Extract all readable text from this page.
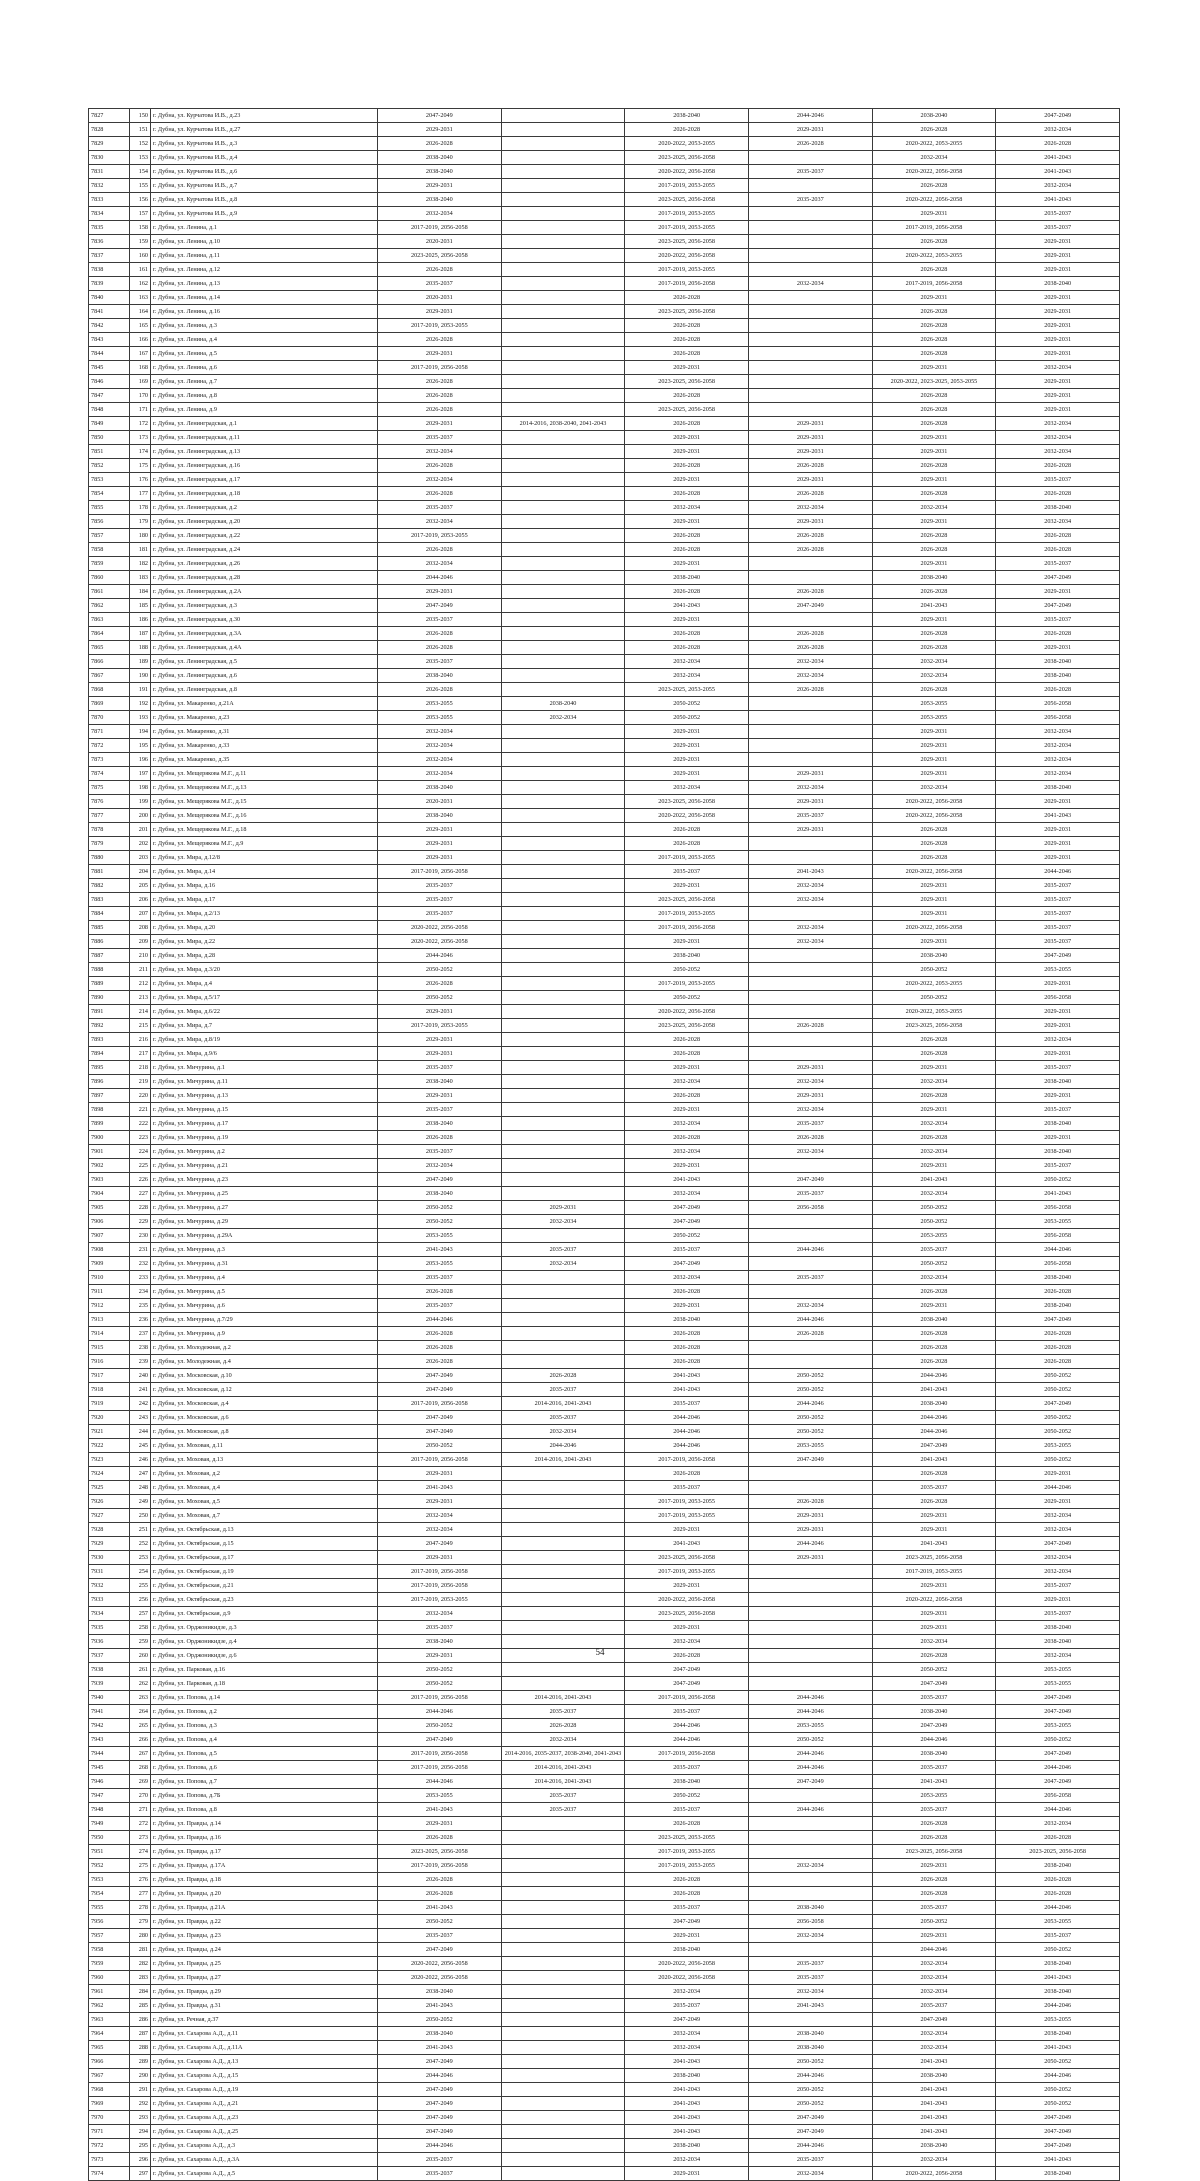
7827	150	г. Дубна, ул. Курчатова И.В., д.23	2047-2049		2038-2040	2044-2046	2038-2040	2047-2049
7828	151	г. Дубна, ул. Курчатова И.В., д.27	2029-2031		2026-2028	2029-2031	2026-2028	2032-2034
7829	152	г. Дубна, ул. Курчатова И.В., д.3	2026-2028		2020-2022, 2053-2055	2026-2028	2020-2022, 2053-2055	2026-2028
7830	153	г. Дубна, ул. Курчатова И.В., д.4	2038-2040		2023-2025, 2056-2058		2032-2034	2041-2043
7831	154	г. Дубна, ул. Курчатова И.В., д.6	2038-2040		2020-2022, 2056-2058	2035-2037	2020-2022, 2056-2058	2041-2043
7832	155	г. Дубна, ул. Курчатова И.В., д.7	2029-2031		2017-2019, 2053-2055		2026-2028	2032-2034
7833	156	г. Дубна, ул. Курчатова И.В., д.8	2038-2040		2023-2025, 2056-2058	2035-2037	2020-2022, 2056-2058	2041-2043
7834	157	г. Дубна, ул. Курчатова И.В., д.9	2032-2034		2017-2019, 2053-2055		2029-2031	2035-2037
7835	158	г. Дубна, ул. Ленина, д.1	2017-2019, 2056-2058		2017-2019, 2053-2055		2017-2019, 2056-2058	2035-2037
7836	159	г. Дубна, ул. Ленина, д.10	2020-2031		2023-2025, 2056-2058		2026-2028	2029-2031
7837	160	г. Дубна, ул. Ленина, д.11	2023-2025, 2056-2058		2020-2022, 2056-2058		2020-2022, 2053-2055	2029-2031
7838	161	г. Дубна, ул. Ленина, д.12	2026-2028		2017-2019, 2053-2055		2026-2028	2029-2031
7839	162	г. Дубна, ул. Ленина, д.13	2035-2037		2017-2019, 2056-2058	2032-2034	2017-2019, 2056-2058	2038-2040
7840	163	г. Дубна, ул. Ленина, д.14	2020-2031		2026-2028		2029-2031	2029-2031
7841	164	г. Дубна, ул. Ленина, д.16	2029-2031		2023-2025, 2056-2058		2026-2028	2029-2031
7842	165	г. Дубна, ул. Ленина, д.3	2017-2019, 2053-2055		2026-2028		2026-2028	2029-2031
7843	166	г. Дубна, ул. Ленина, д.4	2026-2028		2026-2028		2026-2028	2029-2031
7844	167	г. Дубна, ул. Ленина, д.5	2029-2031		2026-2028		2026-2028	2029-2031
7845	168	г. Дубна, ул. Ленина, д.6	2017-2019, 2056-2058		2029-2031		2029-2031	2032-2034
7846	169	г. Дубна, ул. Ленина, д.7	2026-2028		2023-2025, 2056-2058		2020-2022, 2023-2025, 2053-2055	2029-2031
7847	170	г. Дубна, ул. Ленина, д.8	2026-2028		2026-2028		2026-2028	2029-2031
7848	171	г. Дубна, ул. Ленина, д.9	2026-2028		2023-2025, 2056-2058		2026-2028	2029-2031
7849	172	г. Дубна, ул. Ленинградская, д.1	2029-2031	2014-2016, 2038-2040, 2041-2043	2026-2028	2029-2031	2026-2028	2032-2034
7850	173	г. Дубна, ул. Ленинградская, д.11	2035-2037		2029-2031	2029-2031	2029-2031	2032-2034
7851	174	г. Дубна, ул. Ленинградская, д.13	2032-2034		2029-2031	2029-2031	2029-2031	2032-2034
7852	175	г. Дубна, ул. Ленинградская, д.16	2026-2028		2026-2028	2026-2028	2026-2028	2026-2028
7853	176	г. Дубна, ул. Ленинградская, д.17	2032-2034		2029-2031	2029-2031	2029-2031	2035-2037
7854	177	г. Дубна, ул. Ленинградская, д.18	2026-2028		2026-2028	2026-2028	2026-2028	2026-2028
7855	178	г. Дубна, ул. Ленинградская, д.2	2035-2037		2032-2034	2032-2034	2032-2034	2038-2040
7856	179	г. Дубна, ул. Ленинградская, д.20	2032-2034		2029-2031	2029-2031	2029-2031	2032-2034
7857	180	г. Дубна, ул. Ленинградская, д.22	2017-2019, 2053-2055		2026-2028	2026-2028	2026-2028	2026-2028
7858	181	г. Дубна, ул. Ленинградская, д.24	2026-2028		2026-2028	2026-2028	2026-2028	2026-2028
7859	182	г. Дубна, ул. Ленинградская, д.26	2032-2034		2029-2031		2029-2031	2035-2037
7860	183	г. Дубна, ул. Ленинградская, д.28	2044-2046		2038-2040		2038-2040	2047-2049
7861	184	г. Дубна, ул. Ленинградская, д.2А	2029-2031		2026-2028	2026-2028	2026-2028	2029-2031
7862	185	г. Дубна, ул. Ленинградская, д.3	2047-2049		2041-2043	2047-2049	2041-2043	2047-2049
7863	186	г. Дубна, ул. Ленинградская, д.30	2035-2037		2029-2031		2029-2031	2035-2037
7864	187	г. Дубна, ул. Ленинградская, д.3А	2026-2028		2026-2028	2026-2028	2026-2028	2026-2028
7865	188	г. Дубна, ул. Ленинградская, д.4А	2026-2028		2026-2028	2026-2028	2026-2028	2029-2031
7866	189	г. Дубна, ул. Ленинградская, д.5	2035-2037		2032-2034	2032-2034	2032-2034	2038-2040
7867	190	г. Дубна, ул. Ленинградская, д.6	2038-2040		2032-2034	2032-2034	2032-2034	2038-2040
7868	191	г. Дубна, ул. Ленинградская, д.8	2026-2028		2023-2025, 2053-2055	2026-2028	2026-2028	2026-2028
7869	192	г. Дубна, ул. Макаренко, д.21А	2053-2055	2038-2040	2050-2052		2053-2055	2056-2058
7870	193	г. Дубна, ул. Макаренко, д.23	2053-2055	2032-2034	2050-2052		2053-2055	2056-2058
7871	194	г. Дубна, ул. Макаренко, д.31	2032-2034		2029-2031		2029-2031	2032-2034
7872	195	г. Дубна, ул. Макаренко, д.33	2032-2034		2029-2031		2029-2031	2032-2034
7873	196	г. Дубна, ул. Макаренко, д.35	2032-2034		2029-2031		2029-2031	2032-2034
7874	197	г. Дубна, ул. Мещерякова М.Г., д.11	2032-2034		2029-2031	2029-2031	2029-2031	2032-2034
7875	198	г. Дубна, ул. Мещерякова М.Г., д.13	2038-2040		2032-2034	2032-2034	2032-2034	2038-2040
7876	199	г. Дубна, ул. Мещерякова М.Г., д.15	2020-2031		2023-2025, 2056-2058	2029-2031	2020-2022, 2056-2058	2029-2031
7877	200	г. Дубна, ул. Мещерякова М.Г., д.16	2038-2040		2020-2022, 2056-2058	2035-2037	2020-2022, 2056-2058	2041-2043
7878	201	г. Дубна, ул. Мещерякова М.Г., д.18	2029-2031		2026-2028	2029-2031	2026-2028	2029-2031
7879	202	г. Дубна, ул. Мещерякова М.Г., д.9	2029-2031		2026-2028		2026-2028	2029-2031
7880	203	г. Дубна, ул. Мира, д.12/8	2029-2031		2017-2019, 2053-2055		2026-2028	2029-2031
7881	204	г. Дубна, ул. Мира, д.14	2017-2019, 2056-2058		2035-2037	2041-2043	2020-2022, 2056-2058	2044-2046
7882	205	г. Дубна, ул. Мира, д.16	2035-2037		2029-2031	2032-2034	2029-2031	2035-2037
7883	206	г. Дубна, ул. Мира, д.17	2035-2037		2023-2025, 2056-2058	2032-2034	2029-2031	2035-2037
7884	207	г. Дубна, ул. Мира, д.2/13	2035-2037		2017-2019, 2053-2055		2029-2031	2035-2037
7885	208	г. Дубна, ул. Мира, д.20	2020-2022, 2056-2058		2017-2019, 2056-2058	2032-2034	2020-2022, 2056-2058	2035-2037
7886	209	г. Дубна, ул. Мира, д.22	2020-2022, 2056-2058		2029-2031	2032-2034	2029-2031	2035-2037
7887	210	г. Дубна, ул. Мира, д.28	2044-2046		2038-2040		2038-2040	2047-2049
7888	211	г. Дубна, ул. Мира, д.3/20	2050-2052		2050-2052		2050-2052	2053-2055
7889	212	г. Дубна, ул. Мира, д.4	2026-2028		2017-2019, 2053-2055		2020-2022, 2053-2055	2029-2031
7890	213	г. Дубна, ул. Мира, д.5/17	2050-2052		2050-2052		2050-2052	2056-2058
7891	214	г. Дубна, ул. Мира, д.6/22	2029-2031		2020-2022, 2056-2058		2020-2022, 2053-2055	2029-2031
7892	215	г. Дубна, ул. Мира, д.7	2017-2019, 2053-2055		2023-2025, 2056-2058	2026-2028	2023-2025, 2056-2058	2029-2031
7893	216	г. Дубна, ул. Мира, д.8/19	2029-2031		2026-2028		2026-2028	2032-2034
7894	217	г. Дубна, ул. Мира, д.9/6	2029-2031		2026-2028		2026-2028	2029-2031
7895	218	г. Дубна, ул. Мичурина, д.1	2035-2037		2029-2031	2029-2031	2029-2031	2035-2037
7896	219	г. Дубна, ул. Мичурина, д.11	2038-2040		2032-2034	2032-2034	2032-2034	2038-2040
7897	220	г. Дубна, ул. Мичурина, д.13	2029-2031		2026-2028	2029-2031	2026-2028	2029-2031
7898	221	г. Дубна, ул. Мичурина, д.15	2035-2037		2029-2031	2032-2034	2029-2031	2035-2037
7899	222	г. Дубна, ул. Мичурина, д.17	2038-2040		2032-2034	2035-2037	2032-2034	2038-2040
7900	223	г. Дубна, ул. Мичурина, д.19	2026-2028		2026-2028	2026-2028	2026-2028	2029-2031
7901	224	г. Дубна, ул. Мичурина, д.2	2035-2037		2032-2034	2032-2034	2032-2034	2038-2040
7902	225	г. Дубна, ул. Мичурина, д.21	2032-2034		2029-2031		2029-2031	2035-2037
7903	226	г. Дубна, ул. Мичурина, д.23	2047-2049		2041-2043	2047-2049	2041-2043	2050-2052
7904	227	г. Дубна, ул. Мичурина, д.25	2038-2040		2032-2034	2035-2037	2032-2034	2041-2043
7905	228	г. Дубна, ул. Мичурина, д.27	2050-2052	2029-2031	2047-2049	2056-2058	2050-2052	2056-2058
7906	229	г. Дубна, ул. Мичурина, д.29	2050-2052	2032-2034	2047-2049		2050-2052	2053-2055
7907	230	г. Дубна, ул. Мичурина, д.29А	2053-2055		2050-2052		2053-2055	2056-2058
7908	231	г. Дубна, ул. Мичурина, д.3	2041-2043	2035-2037	2035-2037	2044-2046	2035-2037	2044-2046
7909	232	г. Дубна, ул. Мичурина, д.31	2053-2055	2032-2034	2047-2049		2050-2052	2056-2058
7910	233	г. Дубна, ул. Мичурина, д.4	2035-2037		2032-2034	2035-2037	2032-2034	2038-2040
7911	234	г. Дубна, ул. Мичурина, д.5	2026-2028		2026-2028		2026-2028	2026-2028
7912	235	г. Дубна, ул. Мичурина, д.6	2035-2037		2029-2031	2032-2034	2029-2031	2038-2040
7913	236	г. Дубна, ул. Мичурина, д.7/29	2044-2046		2038-2040	2044-2046	2038-2040	2047-2049
7914	237	г. Дубна, ул. Мичурина, д.9	2026-2028		2026-2028	2026-2028	2026-2028	2026-2028
7915	238	г. Дубна, ул. Молодежная, д.2	2026-2028		2026-2028		2026-2028	2026-2028
7916	239	г. Дубна, ул. Молодежная, д.4	2026-2028		2026-2028		2026-2028	2026-2028
7917	240	г. Дубна, ул. Московская, д.10	2047-2049	2026-2028	2041-2043	2050-2052	2044-2046	2050-2052
7918	241	г. Дубна, ул. Московская, д.12	2047-2049	2035-2037	2041-2043	2050-2052	2041-2043	2050-2052
7919	242	г. Дубна, ул. Московская, д.4	2017-2019, 2056-2058	2014-2016, 2041-2043	2035-2037	2044-2046	2038-2040	2047-2049
7920	243	г. Дубна, ул. Московская, д.6	2047-2049	2035-2037	2044-2046	2050-2052	2044-2046	2050-2052
7921	244	г. Дубна, ул. Московская, д.8	2047-2049	2032-2034	2044-2046	2050-2052	2044-2046	2050-2052
7922	245	г. Дубна, ул. Моховая, д.11	2050-2052	2044-2046	2044-2046	2053-2055	2047-2049	2053-2055
7923	246	г. Дубна, ул. Моховая, д.13	2017-2019, 2056-2058	2014-2016, 2041-2043	2017-2019, 2056-2058	2047-2049	2041-2043	2050-2052
7924	247	г. Дубна, ул. Моховая, д.2	2029-2031		2026-2028		2026-2028	2029-2031
7925	248	г. Дубна, ул. Моховая, д.4	2041-2043		2035-2037		2035-2037	2044-2046
7926	249	г. Дубна, ул. Моховая, д.5	2029-2031		2017-2019, 2053-2055	2026-2028	2026-2028	2029-2031
7927	250	г. Дубна, ул. Моховая, д.7	2032-2034		2017-2019, 2053-2055	2029-2031	2029-2031	2032-2034
7928	251	г. Дубна, ул. Октябрьская, д.13	2032-2034		2029-2031	2029-2031	2029-2031	2032-2034
7929	252	г. Дубна, ул. Октябрьская, д.15	2047-2049		2041-2043	2044-2046	2041-2043	2047-2049
7930	253	г. Дубна, ул. Октябрьская, д.17	2029-2031		2023-2025, 2056-2058	2029-2031	2023-2025, 2056-2058	2032-2034
7931	254	г. Дубна, ул. Октябрьская, д.19	2017-2019, 2056-2058		2017-2019, 2053-2055		2017-2019, 2053-2055	2032-2034
7932	255	г. Дубна, ул. Октябрьская, д.21	2017-2019, 2056-2058		2029-2031		2029-2031	2035-2037
7933	256	г. Дубна, ул. Октябрьская, д.23	2017-2019, 2053-2055		2020-2022, 2056-2058		2020-2022, 2056-2058	2029-2031
7934	257	г. Дубна, ул. Октябрьская, д.9	2032-2034		2023-2025, 2056-2058		2029-2031	2035-2037
7935	258	г. Дубна, ул. Орджоникидзе, д.3	2035-2037		2029-2031		2029-2031	2038-2040
7936	259	г. Дубна, ул. Орджоникидзе, д.4	2038-2040		2032-2034		2032-2034	2038-2040
7937	260	г. Дубна, ул. Орджоникидзе, д.6	2029-2031		2026-2028		2026-2028	2032-2034
7938	261	г. Дубна, ул. Парковая, д.16	2050-2052		2047-2049		2050-2052	2053-2055
7939	262	г. Дубна, ул. Парковая, д.18	2050-2052		2047-2049		2047-2049	2053-2055
7940	263	г. Дубна, ул. Попова, д.14	2017-2019, 2056-2058	2014-2016, 2041-2043	2017-2019, 2056-2058	2044-2046	2035-2037	2047-2049
7941	264	г. Дубна, ул. Попова, д.2	2044-2046	2035-2037	2035-2037	2044-2046	2038-2040	2047-2049
7942	265	г. Дубна, ул. Попова, д.3	2050-2052	2026-2028	2044-2046	2053-2055	2047-2049	2053-2055
7943	266	г. Дубна, ул. Попова, д.4	2047-2049	2032-2034	2044-2046	2050-2052	2044-2046	2050-2052
7944	267	г. Дубна, ул. Попова, д.5	2017-2019, 2056-2058	2014-2016, 2035-2037, 2038-2040, 2041-2043	2017-2019, 2056-2058	2044-2046	2038-2040	2047-2049
7945	268	г. Дубна, ул. Попова, д.6	2017-2019, 2056-2058	2014-2016, 2041-2043	2035-2037	2044-2046	2035-2037	2044-2046
7946	269	г. Дубна, ул. Попова, д.7	2044-2046	2014-2016, 2041-2043	2038-2040	2047-2049	2041-2043	2047-2049
7947	270	г. Дубна, ул. Попова, д.7Б	2053-2055	2035-2037	2050-2052		2053-2055	2056-2058
7948	271	г. Дубна, ул. Попова, д.8	2041-2043	2035-2037	2035-2037	2044-2046	2035-2037	2044-2046
7949	272	г. Дубна, ул. Правды, д.14	2029-2031		2026-2028		2026-2028	2032-2034
7950	273	г. Дубна, ул. Правды, д.16	2026-2028		2023-2025, 2053-2055		2026-2028	2026-2028
7951	274	г. Дубна, ул. Правды, д.17	2023-2025, 2056-2058		2017-2019, 2053-2055		2023-2025, 2056-2058	2023-2025, 2056-2058
7952	275	г. Дубна, ул. Правды, д.17А	2017-2019, 2056-2058		2017-2019, 2053-2055	2032-2034	2029-2031	2038-2040
7953	276	г. Дубна, ул. Правды, д.18	2026-2028		2026-2028		2026-2028	2026-2028
7954	277	г. Дубна, ул. Правды, д.20	2026-2028		2026-2028		2026-2028	2026-2028
7955	278	г. Дубна, ул. Правды, д.21А	2041-2043		2035-2037	2038-2040	2035-2037	2044-2046
7956	279	г. Дубна, ул. Правды, д.22	2050-2052		2047-2049	2056-2058	2050-2052	2053-2055
7957	280	г. Дубна, ул. Правды, д.23	2035-2037		2029-2031	2032-2034	2029-2031	2035-2037
7958	281	г. Дубна, ул. Правды, д.24	2047-2049		2038-2040		2044-2046	2050-2052
7959	282	г. Дубна, ул. Правды, д.25	2020-2022, 2056-2058		2020-2022, 2056-2058	2035-2037	2032-2034	2038-2040
7960	283	г. Дубна, ул. Правды, д.27	2020-2022, 2056-2058		2020-2022, 2056-2058	2035-2037	2032-2034	2041-2043
7961	284	г. Дубна, ул. Правды, д.29	2038-2040		2032-2034	2032-2034	2032-2034	2038-2040
7962	285	г. Дубна, ул. Правды, д.31	2041-2043		2035-2037	2041-2043	2035-2037	2044-2046
7963	286	г. Дубна, ул. Речная, д.37	2050-2052		2047-2049		2047-2049	2053-2055
7964	287	г. Дубна, ул. Сахарова А.Д., д.11	2038-2040		2032-2034	2038-2040	2032-2034	2038-2040
7965	288	г. Дубна, ул. Сахарова А.Д., д.11А	2041-2043		2032-2034	2038-2040	2032-2034	2041-2043
7966	289	г. Дубна, ул. Сахарова А.Д., д.13	2047-2049		2041-2043	2050-2052	2041-2043	2050-2052
7967	290	г. Дубна, ул. Сахарова А.Д., д.15	2044-2046		2038-2040	2044-2046	2038-2040	2044-2046
7968	291	г. Дубна, ул. Сахарова А.Д., д.19	2047-2049		2041-2043	2050-2052	2041-2043	2050-2052
7969	292	г. Дубна, ул. Сахарова А.Д., д.21	2047-2049		2041-2043	2050-2052	2041-2043	2050-2052
7970	293	г. Дубна, ул. Сахарова А.Д., д.23	2047-2049		2041-2043	2047-2049	2041-2043	2047-2049
7971	294	г. Дубна, ул. Сахарова А.Д., д.25	2047-2049		2041-2043	2047-2049	2041-2043	2047-2049
7972	295	г. Дубна, ул. Сахарова А.Д., д.3	2044-2046		2038-2040	2044-2046	2038-2040	2047-2049
7973	296	г. Дубна, ул. Сахарова А.Д., д.3А	2035-2037		2032-2034	2035-2037	2032-2034	2041-2043
7974	297	г. Дубна, ул. Сахарова А.Д., д.5	2035-2037		2029-2031	2032-2034	2020-2022, 2056-2058	2038-2040
54
